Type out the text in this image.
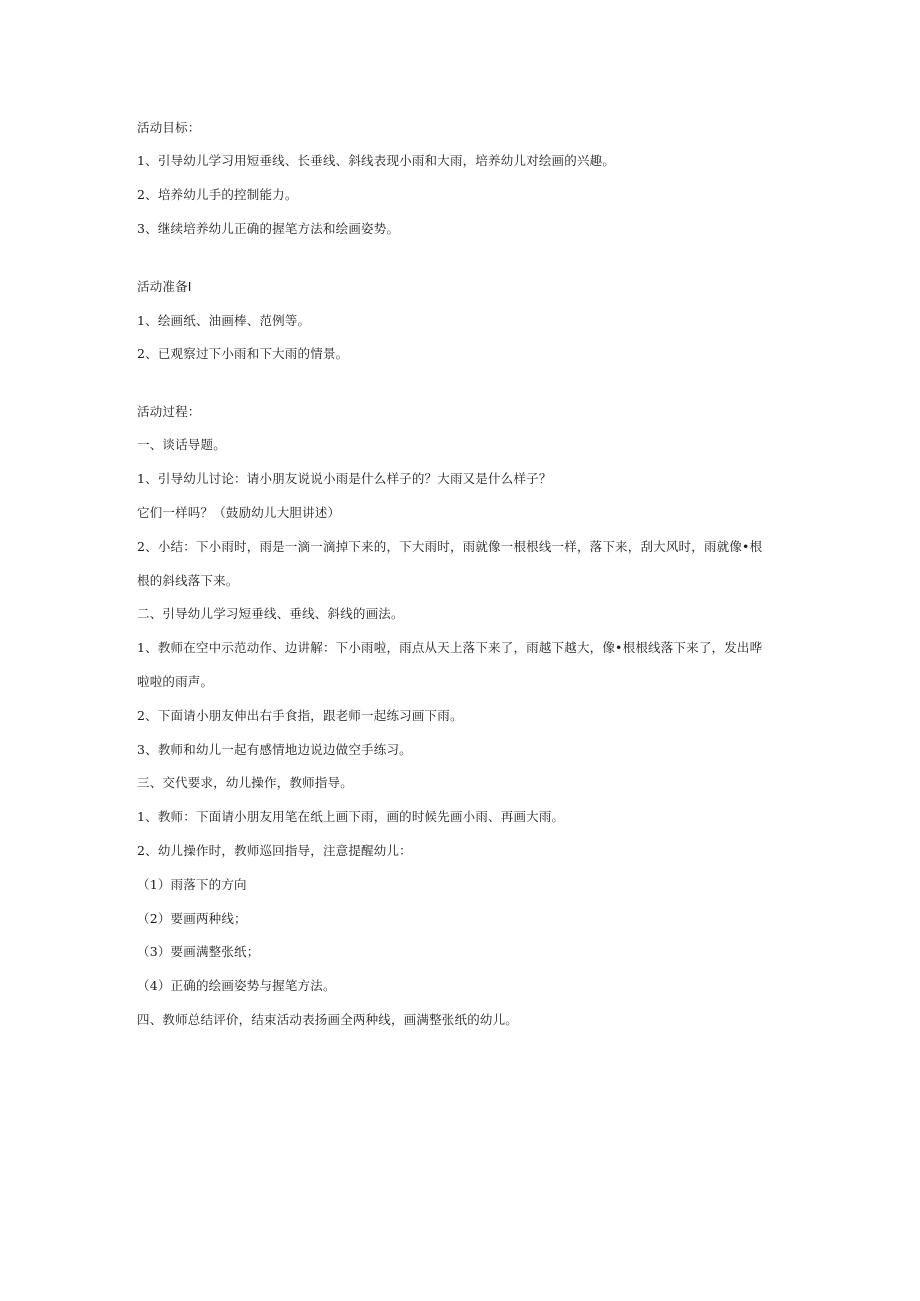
活动目标：
1、引导幼儿学习用短垂线、长垂线、斜线表现小雨和大雨，培养幼儿对绘画的兴趣。
2、培养幼儿手的控制能力。
3、继续培养幼儿正确的握笔方法和绘画姿势。
活动准备I
1、绘画纸、油画棒、范例等。
2、已观察过下小雨和下大雨的情景。
活动过程：
一、谈话导题。
1、引导幼儿讨论：请小朋友说说小雨是什么样子的？大雨又是什么样子？
它们一样吗？（鼓励幼儿大胆讲述）
2、小结：下小雨时，雨是一滴一滴掉下来的，下大雨时，雨就像一根根线一样，落下来，刮大风时，雨就像•根
根的斜线落下来。
二、引导幼儿学习短垂线、垂线、斜线的画法。
1、教师在空中示范动作、边讲解：下小雨啦，雨点从天上落下来了，雨越下越大，像•根根线落下来了，发出哗
啦啦的雨声。
2、下面请小朋友伸出右手食指，跟老师一起练习画下雨。
3、教师和幼儿一起有感情地边说边做空手练习。
三、交代要求，幼儿操作，教师指导。
1、教师：下面请小朋友用笔在纸上画下雨，画的时候先画小雨、再画大雨。
2、幼儿操作时，教师巡回指导，注意提醒幼儿：
（1）雨落下的方向
（2）要画两种线；
（3）要画满整张纸；
（4）正确的绘画姿势与握笔方法。
四、教师总结评价，结束活动表扬画全两种线，画满整张纸的幼儿。
